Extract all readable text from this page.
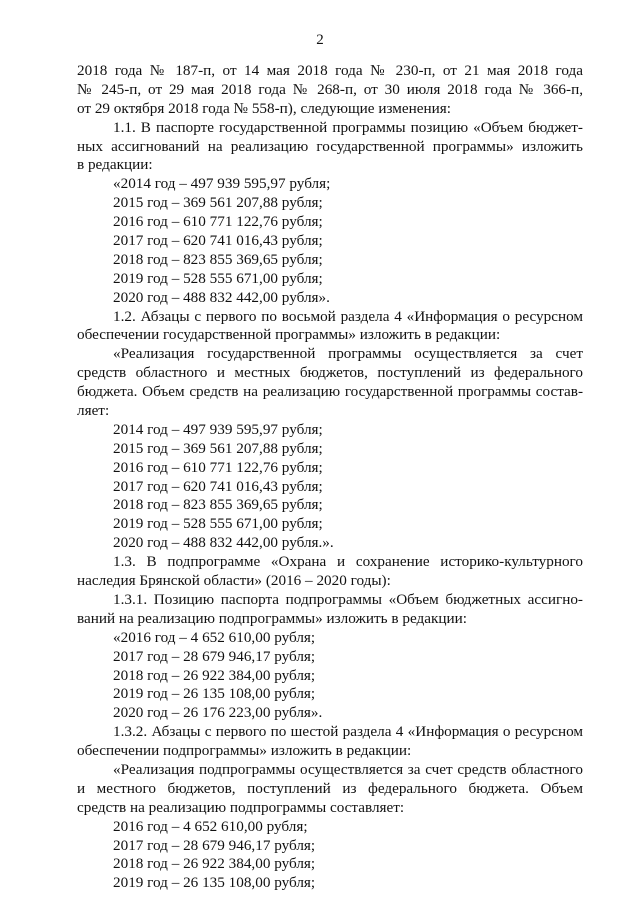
2
2018 года № 187-п, от 14 мая 2018 года № 230-п, от 21 мая 2018 года
№ 245-п, от 29 мая 2018 года № 268-п, от 30 июля 2018 года № 366-п,
от 29 октября 2018 года № 558-п), следующие изменения:
1.1. В паспорте государственной программы позицию «Объем бюджет-
ных ассигнований на реализацию государственной программы» изложить
в редакции:
«2014 год – 497 939 595,97 рубля;
2015 год – 369 561 207,88 рубля;
2016 год – 610 771 122,76 рубля;
2017 год – 620 741 016,43 рубля;
2018 год – 823 855 369,65 рубля;
2019 год – 528 555 671,00 рубля;
2020 год – 488 832 442,00 рубля».
1.2. Абзацы с первого по восьмой раздела 4 «Информация о ресурсном
обеспечении государственной программы» изложить в редакции:
«Реализация государственной программы осуществляется за счет
средств областного и местных бюджетов, поступлений из федерального
бюджета. Объем средств на реализацию государственной программы состав-
ляет:
2014 год – 497 939 595,97 рубля;
2015 год – 369 561 207,88 рубля;
2016 год – 610 771 122,76 рубля;
2017 год – 620 741 016,43 рубля;
2018 год – 823 855 369,65 рубля;
2019 год – 528 555 671,00 рубля;
2020 год – 488 832 442,00 рубля.».
1.3. В подпрограмме «Охрана и сохранение историко-культурного
наследия Брянской области» (2016 – 2020 годы):
1.3.1. Позицию паспорта подпрограммы «Объем бюджетных ассигно-
ваний на реализацию подпрограммы» изложить в редакции:
«2016 год – 4 652 610,00 рубля;
2017 год – 28 679 946,17 рубля;
2018 год – 26 922 384,00 рубля;
2019 год – 26 135 108,00 рубля;
2020 год – 26 176 223,00 рубля».
1.3.2. Абзацы с первого по шестой раздела 4 «Информация о ресурсном
обеспечении подпрограммы» изложить в редакции:
«Реализация подпрограммы осуществляется за счет средств областного
и местного бюджетов, поступлений из федерального бюджета. Объем
средств на реализацию подпрограммы составляет:
2016 год – 4 652 610,00 рубля;
2017 год – 28 679 946,17 рубля;
2018 год – 26 922 384,00 рубля;
2019 год – 26 135 108,00 рубля;
